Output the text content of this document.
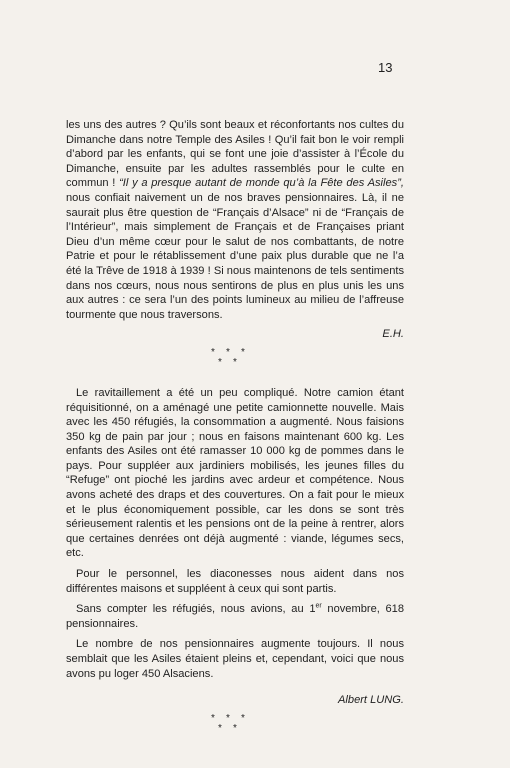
13

les uns des autres ? Qu’ils sont beaux et réconfortants nos cultes du Dimanche dans notre Temple des Asiles ! Qu’il fait bon le voir rempli d’abord par les enfants, qui se font une joie d’assister à l’École du Dimanche, ensuite par les adultes rassemblés pour le culte en commun ! “Il y a presque autant de monde qu’à la Fête des Asiles”, nous confiait naivement un de nos braves pensionnaires. Là, il ne saurait plus être question de “Français d’Alsace” ni de “Français de l’Intérieur”, mais simplement de Français et de Françaises priant Dieu d’un même cœur pour le salut de nos combattants, de notre Patrie et pour le rétablissement d’une paix plus durable que ne l’a été la Trêve de 1918 à 1939 ! Si nous maintenons de tels sentiments dans nos cœurs, nous nous sentirons de plus en plus unis les uns aux autres : ce sera l’un des points lumineux au milieu de l’affreuse tourmente que nous traversons.

E.H.

* * *
* *

Le ravitaillement a été un peu compliqué. Notre camion étant réquisitionné, on a aménagé une petite camionnette nouvelle. Mais avec les 450 réfugiés, la consommation a augmenté. Nous faisions 350 kg de pain par jour ; nous en faisons maintenant 600 kg. Les enfants des Asiles ont été ramasser 10 000 kg de pommes dans le pays. Pour suppléer aux jardiniers mobilisés, les jeunes filles du “Refuge” ont pioché les jardins avec ardeur et compétence. Nous avons acheté des draps et des couvertures. On a fait pour le mieux et le plus économiquement possible, car les dons se sont très sérieusement ralentis et les pensions ont de la peine à rentrer, alors que certaines denrées ont déjà augmenté : viande, légumes secs, etc.

Pour le personnel, les diaconesses nous aident dans nos différentes maisons et suppléent à ceux qui sont partis.

Sans compter les réfugiés, nous avions, au 1er novembre, 618 pensionnaires.

Le nombre de nos pensionnaires augmente toujours. Il nous semblait que les Asiles étaient pleins et, cependant, voici que nous avons pu loger 450 Alsaciens.

Albert LUNG.

* * *
* *
